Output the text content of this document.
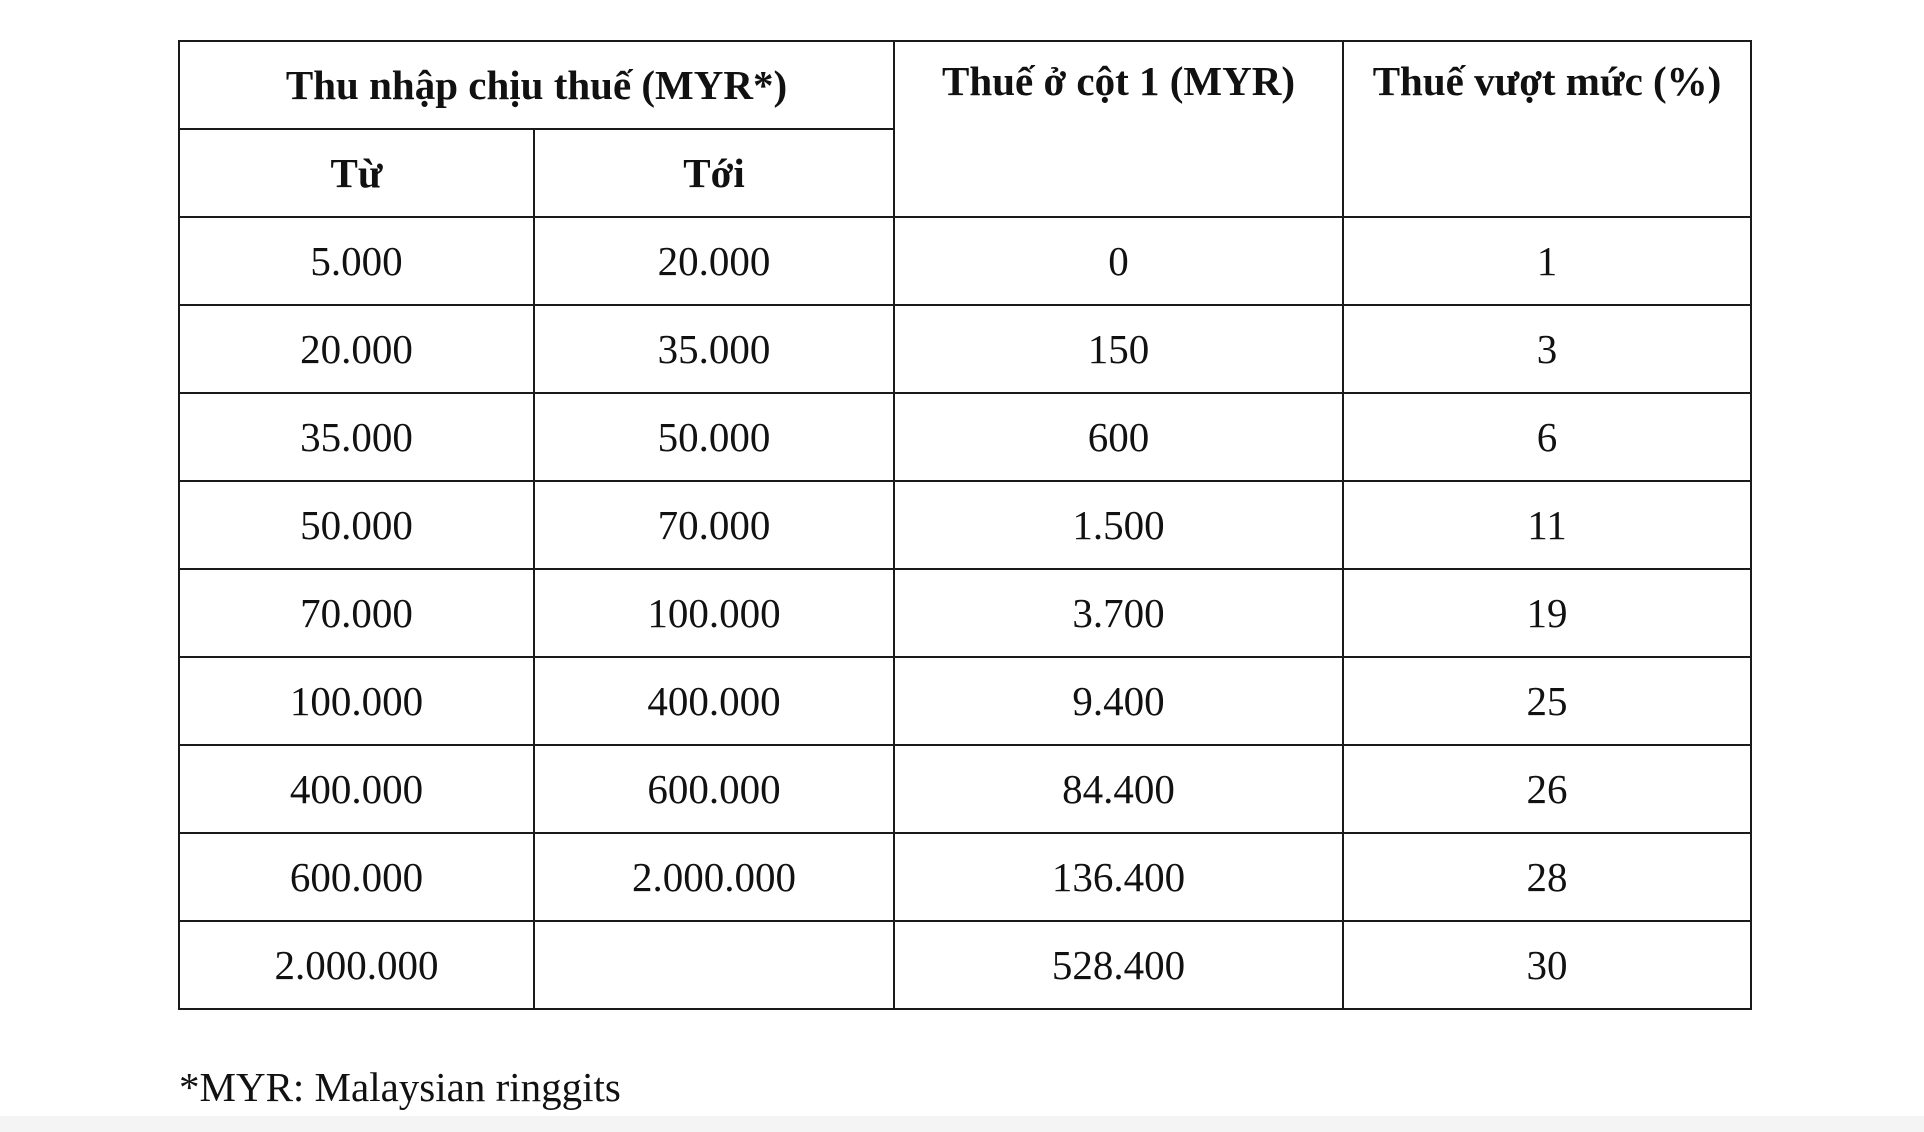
Thu nhập chịu thuế (MYR*)		Thuế ở cột 1 (MYR)	Thuế vượt mức (%)
Từ	Tới		
5.000	20.000	0	1
20.000	35.000	150	3
35.000	50.000	600	6
50.000	70.000	1.500	11
70.000	100.000	3.700	19
100.000	400.000	9.400	25
400.000	600.000	84.400	26
600.000	2.000.000	136.400	28
2.000.000		528.400	30
*MYR: Malaysian ringgits
